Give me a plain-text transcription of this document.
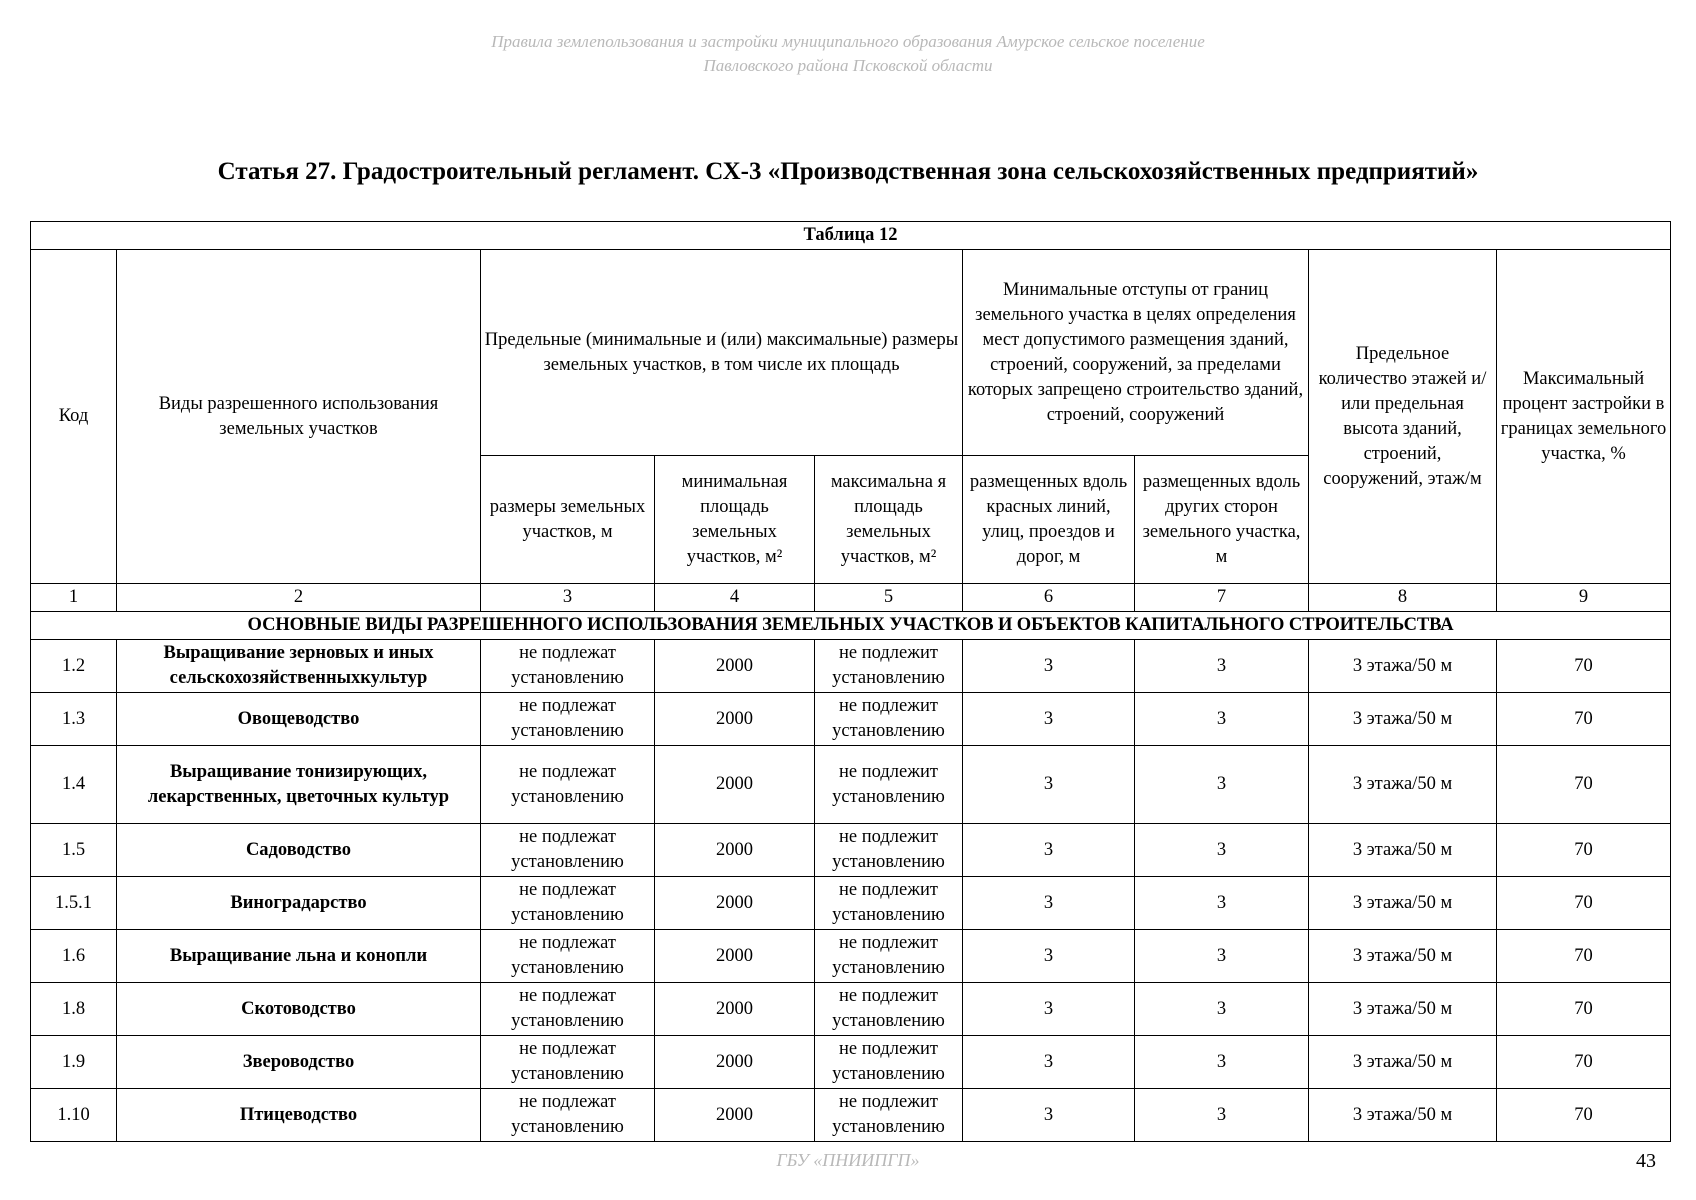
Правила землепользования и застройки муниципального образования Амурское сельское поселение
Павловского района Псковской области
Статья 27. Градостроительный регламент. СХ-3 «Производственная зона сельскохозяйственных предприятий»
Таблица 12								
Код	Виды разрешенного использования земельных участков	Предельные (минимальные и (или) максимальные) размеры земельных участков, в том числе их площадь			Минимальные отступы от границ земельного участка в целях определения мест допустимого размещения зданий, строений, сооружений, за пределами которых запрещено строительство зданий, строений, сооружений		Предельное количество этажей и/или предельная высота зданий, строений, сооружений, этаж/м	Максимальный процент застройки в границах земельного участка, %
		размеры земельных участков, м	минимальная площадь земельных участков, м²	максимальна я площадь земельных участков, м²	размещенных вдоль красных линий, улиц, проездов и дорог, м	размещенных вдоль других сторон земельного участка, м		
1	2	3	4	5	6	7	8	9
ОСНОВНЫЕ ВИДЫ РАЗРЕШЕННОГО ИСПОЛЬЗОВАНИЯ ЗЕМЕЛЬНЫХ УЧАСТКОВ И ОБЪЕКТОВ КАПИТАЛЬНОГО СТРОИТЕЛЬСТВА								
1.2	Выращивание зерновых и иных сельскохозяйственныхкультур	не подлежат установлению	2000	не подлежит установлению	3	3	3 этажа/50 м	70
1.3	Овощеводство	не подлежат установлению	2000	не подлежит установлению	3	3	3 этажа/50 м	70
1.4	Выращивание тонизирующих, лекарственных, цветочных культур	не подлежат установлению	2000	не подлежит установлению	3	3	3 этажа/50 м	70
1.5	Садоводство	не подлежат установлению	2000	не подлежит установлению	3	3	3 этажа/50 м	70
1.5.1	Виноградарство	не подлежат установлению	2000	не подлежит установлению	3	3	3 этажа/50 м	70
1.6	Выращивание льна и конопли	не подлежат установлению	2000	не подлежит установлению	3	3	3 этажа/50 м	70
1.8	Скотоводство	не подлежат установлению	2000	не подлежит установлению	3	3	3 этажа/50 м	70
1.9	Звероводство	не подлежат установлению	2000	не подлежит установлению	3	3	3 этажа/50 м	70
1.10	Птицеводство	не подлежат установлению	2000	не подлежит установлению	3	3	3 этажа/50 м	70
ГБУ «ПНИИПГП»	43
